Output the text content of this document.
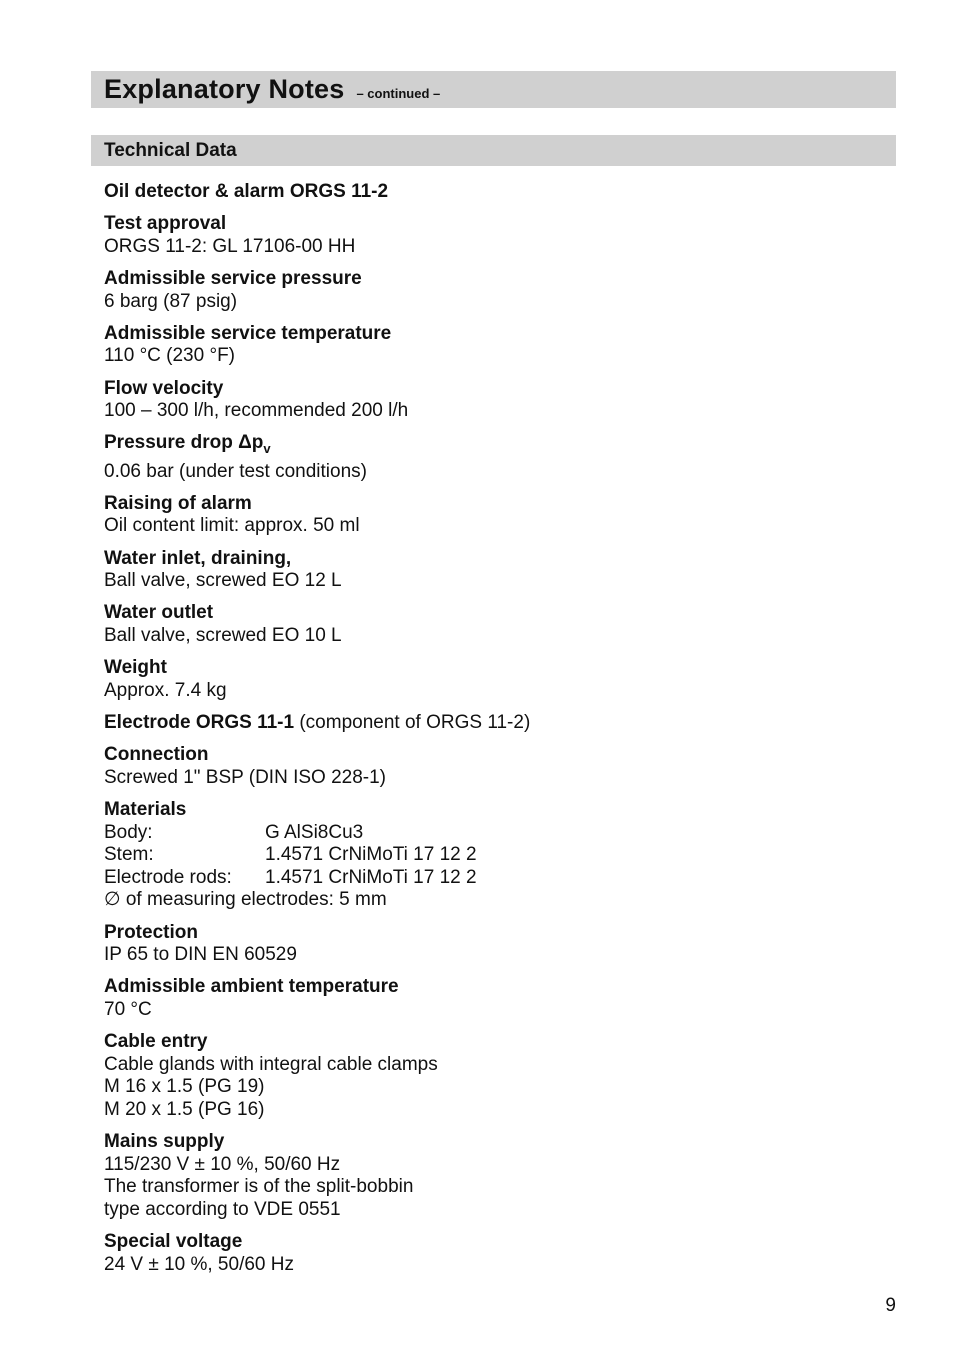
Explanatory Notes – continued –
Technical Data
Oil detector & alarm ORGS 11-2
Test approval
ORGS 11-2: GL 17106-00 HH
Admissible service pressure
6 barg (87 psig)
Admissible service temperature
110 °C (230 °F)
Flow velocity
100 – 300 l/h, recommended 200 l/h
Pressure drop $\Delta p_v$
0.06 bar (under test conditions)
Raising of alarm
Oil content limit: approx. 50 ml
Water inlet, draining,
Ball valve, screwed EO 12 L
Water outlet
Ball valve, screwed EO 10 L
Weight
Approx. 7.4 kg
Electrode ORGS 11-1 (component of ORGS 11-2)
Connection
Screwed 1" BSP (DIN ISO 228-1)
Materials
Body:	G AlSi8Cu3
Stem:	1.4571 CrNiMoTi 17 12 2
Electrode rods:	1.4571 CrNiMoTi 17 12 2
∅ of measuring electrodes: 5 mm
Protection
IP 65 to DIN EN 60529
Admissible ambient temperature
70 °C
Cable entry
Cable glands with integral cable clamps
M 16 x 1.5 (PG 19)
M 20 x 1.5 (PG 16)
Mains supply
115/230 V ± 10 %, 50/60 Hz
The transformer is of the split-bobbin
type according to VDE 0551
Special voltage
24 V ± 10 %, 50/60 Hz
9
